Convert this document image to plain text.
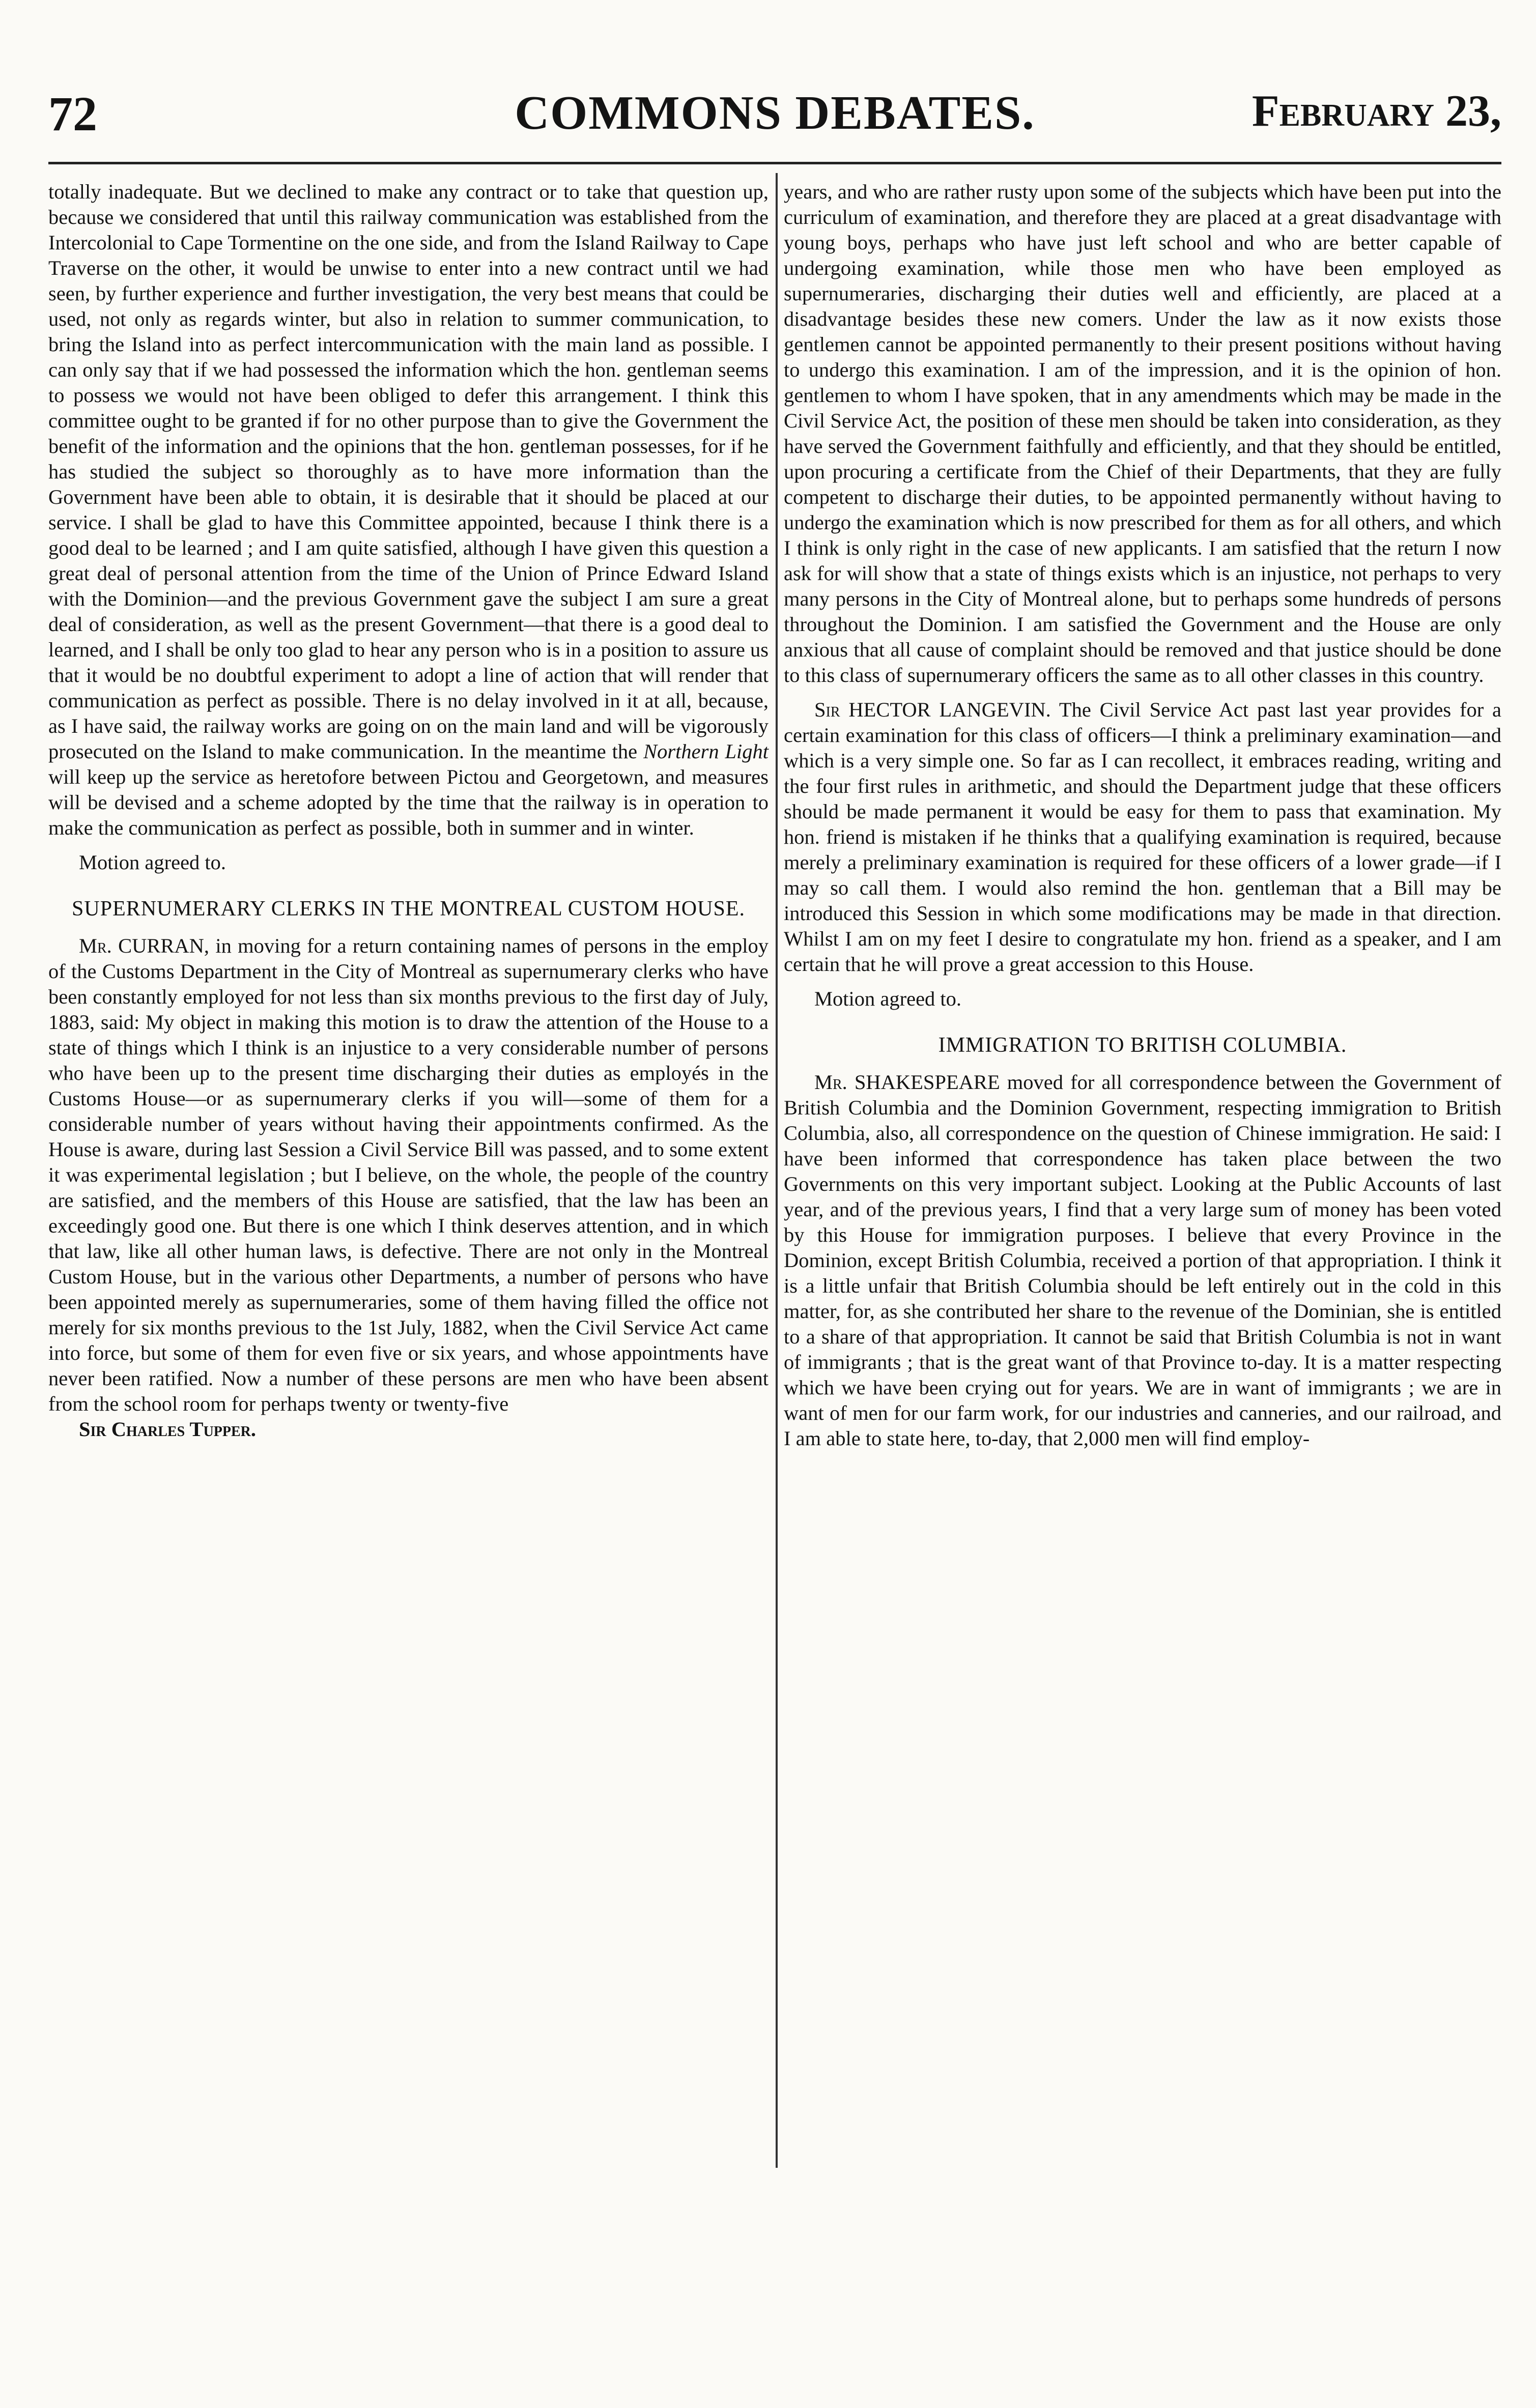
72	COMMONS DEBATES.	February 23,

totally inadequate. But we declined to make any contract or to take that question up, because we considered that until this railway communication was established from the Intercolonial to Cape Tormentine on the one side, and from the Island Railway to Cape Traverse on the other, it would be unwise to enter into a new contract until we had seen, by further experience and further investigation, the very best means that could be used, not only as regards winter, but also in relation to summer communication, to bring the Island into as perfect intercommunication with the main land as possible. I can only say that if we had possessed the information which the hon. gentleman seems to possess we would not have been obliged to defer this arrangement. I think this committee ought to be granted if for no other purpose than to give the Government the benefit of the information and the opinions that the hon. gentleman possesses, for if he has studied the subject so thoroughly as to have more information than the Government have been able to obtain, it is desirable that it should be placed at our service. I shall be glad to have this Committee appointed, because I think there is a good deal to be learned ; and I am quite satisfied, although I have given this question a great deal of personal attention from the time of the Union of Prince Edward Island with the Dominion—and the previous Government gave the subject I am sure a great deal of consideration, as well as the present Government—that there is a good deal to learned, and I shall be only too glad to hear any person who is in a position to assure us that it would be no doubtful experiment to adopt a line of action that will render that communication as perfect as possible. There is no delay involved in it at all, because, as I have said, the railway works are going on on the main land and will be vigorously prosecuted on the Island to make communication. In the meantime the Northern Light will keep up the service as heretofore between Pictou and Georgetown, and measures will be devised and a scheme adopted by the time that the railway is in operation to make the communication as perfect as possible, both in summer and in winter.

Motion agreed to.

SUPERNUMERARY CLERKS IN THE MONTREAL CUSTOM HOUSE.

Mr. CURRAN, in moving for a return containing names of persons in the employ of the Customs Department in the City of Montreal as supernumerary clerks who have been constantly employed for not less than six months previous to the first day of July, 1883, said: My object in making this motion is to draw the attention of the House to a state of things which I think is an injustice to a very considerable number of persons who have been up to the present time discharging their duties as employés in the Customs House—or as supernumerary clerks if you will—some of them for a considerable number of years without having their appointments confirmed. As the House is aware, during last Session a Civil Service Bill was passed, and to some extent it was experimental legislation ; but I believe, on the whole, the people of the country are satisfied, and the members of this House are satisfied, that the law has been an exceedingly good one. But there is one which I think deserves attention, and in which that law, like all other human laws, is defective. There are not only in the Montreal Custom House, but in the various other Departments, a number of persons who have been appointed merely as supernumeraries, some of them having filled the office not merely for six months previous to the 1st July, 1882, when the Civil Service Act came into force, but some of them for even five or six years, and whose appointments have never been ratified. Now a number of these persons are men who have been absent from the school room for perhaps twenty or twenty-five

Sir Charles Tupper.

years, and who are rather rusty upon some of the subjects which have been put into the curriculum of examination, and therefore they are placed at a great disadvantage with young boys, perhaps who have just left school and who are better capable of undergoing examination, while those men who have been employed as supernumeraries, discharging their duties well and efficiently, are placed at a disadvantage besides these new comers. Under the law as it now exists those gentlemen cannot be appointed permanently to their present positions without having to undergo this examination. I am of the impression, and it is the opinion of hon. gentlemen to whom I have spoken, that in any amendments which may be made in the Civil Service Act, the position of these men should be taken into consideration, as they have served the Government faithfully and efficiently, and that they should be entitled, upon procuring a certificate from the Chief of their Departments, that they are fully competent to discharge their duties, to be appointed permanently without having to undergo the examination which is now prescribed for them as for all others, and which I think is only right in the case of new applicants. I am satisfied that the return I now ask for will show that a state of things exists which is an injustice, not perhaps to very many persons in the City of Montreal alone, but to perhaps some hundreds of persons throughout the Dominion. I am satisfied the Government and the House are only anxious that all cause of complaint should be removed and that justice should be done to this class of supernumerary officers the same as to all other classes in this country.

Sir HECTOR LANGEVIN. The Civil Service Act past last year provides for a certain examination for this class of officers—I think a preliminary examination—and which is a very simple one. So far as I can recollect, it embraces reading, writing and the four first rules in arithmetic, and should the Department judge that these officers should be made permanent it would be easy for them to pass that examination. My hon. friend is mistaken if he thinks that a qualifying examination is required, because merely a preliminary examination is required for these officers of a lower grade—if I may so call them. I would also remind the hon. gentleman that a Bill may be introduced this Session in which some modifications may be made in that direction. Whilst I am on my feet I desire to congratulate my hon. friend as a speaker, and I am certain that he will prove a great accession to this House.

Motion agreed to.

IMMIGRATION TO BRITISH COLUMBIA.

Mr. SHAKESPEARE moved for all correspondence between the Government of British Columbia and the Dominion Government, respecting immigration to British Columbia, also, all correspondence on the question of Chinese immigration. He said: I have been informed that correspondence has taken place between the two Governments on this very important subject. Looking at the Public Accounts of last year, and of the previous years, I find that a very large sum of money has been voted by this House for immigration purposes. I believe that every Province in the Dominion, except British Columbia, received a portion of that appropriation. I think it is a little unfair that British Columbia should be left entirely out in the cold in this matter, for, as she contributed her share to the revenue of the Dominian, she is entitled to a share of that appropriation. It cannot be said that British Columbia is not in want of immigrants ; that is the great want of that Province to-day. It is a matter respecting which we have been crying out for years. We are in want of immigrants ; we are in want of men for our farm work, for our industries and canneries, and our railroad, and I am able to state here, to-day, that 2,000 men will find employ-
